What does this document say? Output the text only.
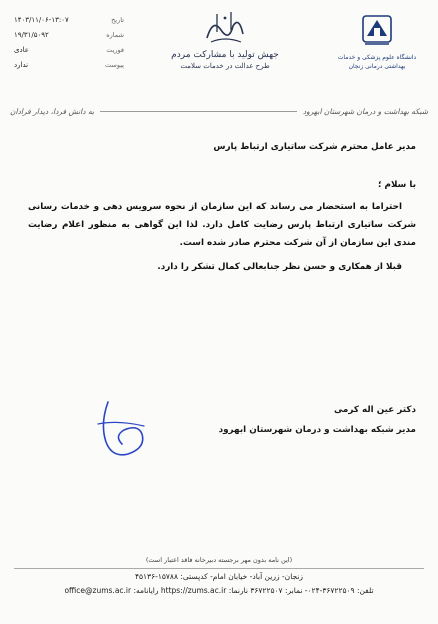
۱۴۰۳/۱۱/۰۶-۱۳:۰۷	تاریخ
۱۹/۳۱/۵۰۹۲	شماره
عادی	فوریت
ندارد	پیوست
جهش تولید با مشارکت مردم
طرح عدالت در خدمات سلامت
دانشگاه علوم پزشکی و خدمات بهداشتی درمانی زنجان
به دانش فردا، دیدار فرادان	شبکه بهداشت و درمان شهرستان ابهرود

مدیر عامل محترم شرکت ساتیاری ارتباط پارس

با سلام ؛

احتراما به استحضار می رساند که این سازمان از نحوه سرویس دهی و خدمات رسانی شرکت ساتیاری ارتباط پارس رضایت کامل دارد. لذا این گواهی به منظور اعلام رضایت مندی این سازمان از آن شرکت محترم صادر شده است.

قبلا از همکاری و حسن نظر جنابعالی کمال تشکر را دارد.

دکتر عین اله کرمی
مدیر شبکه بهداشت و درمان شهرستان ابهرود
(این نامه بدون مهر برجسته دبیرخانه فاقد اعتبار است)
زنجان- زرین آباد- خیابان امام- کدپستی: ۱۵۷۸۸-۴۵۱۳۶
تلفن: ۳۶۷۲۲۵۰۹-۰۲۴- نمابر: ۳۶۷۲۲۵۰۷ نارنما: https://zums.ac.ir رایانامه: office@zums.ac.ir
